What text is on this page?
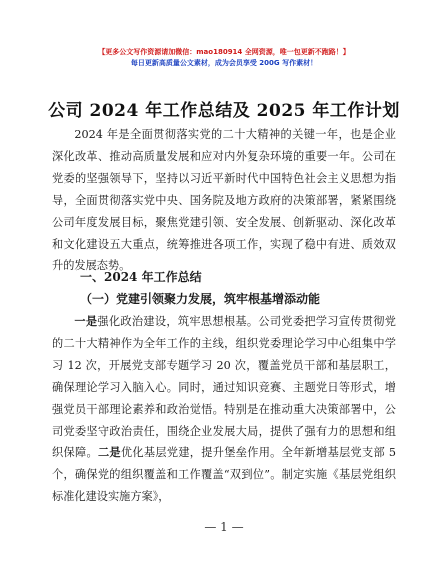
【更多公文写作资源请加微信：mao180914 全网资源，唯一包更新不跑路！】
每日更新高质量公文素材，成为会员享受 200G 写作素材！
公司 2024 年工作总结及 2025 年工作计划

2024 年是全面贯彻落实党的二十大精神的关键一年，也是企业深化改革、推动高质量发展和应对内外复杂环境的重要一年。公司在党委的坚强领导下，坚持以习近平新时代中国特色社会主义思想为指导，全面贯彻落实党中央、国务院及地方政府的决策部署，紧紧围绕公司年度发展目标，聚焦党建引领、安全发展、创新驱动、深化改革和文化建设五大重点，统筹推进各项工作，实现了稳中有进、质效双升的发展态势。

一、2024 年工作总结
（一）党建引领聚力发展，筑牢根基增添动能

一是强化政治建设，筑牢思想根基。公司党委把学习宣传贯彻党的二十大精神作为全年工作的主线，组织党委理论学习中心组集中学习 12 次，开展党支部专题学习 20 次，覆盖党员干部和基层职工，确保理论学习入脑入心。同时，通过知识竞赛、主题党日等形式，增强党员干部理论素养和政治觉悟。特别是在推动重大决策部署中，公司党委坚守政治责任，围绕企业发展大局，提供了强有力的思想和组织保障。二是优化基层党建，提升堡垒作用。全年新增基层党支部 5 个，确保党的组织覆盖和工作覆盖“双到位”。制定实施《基层党组织标准化建设实施方案》，

— 1 —
